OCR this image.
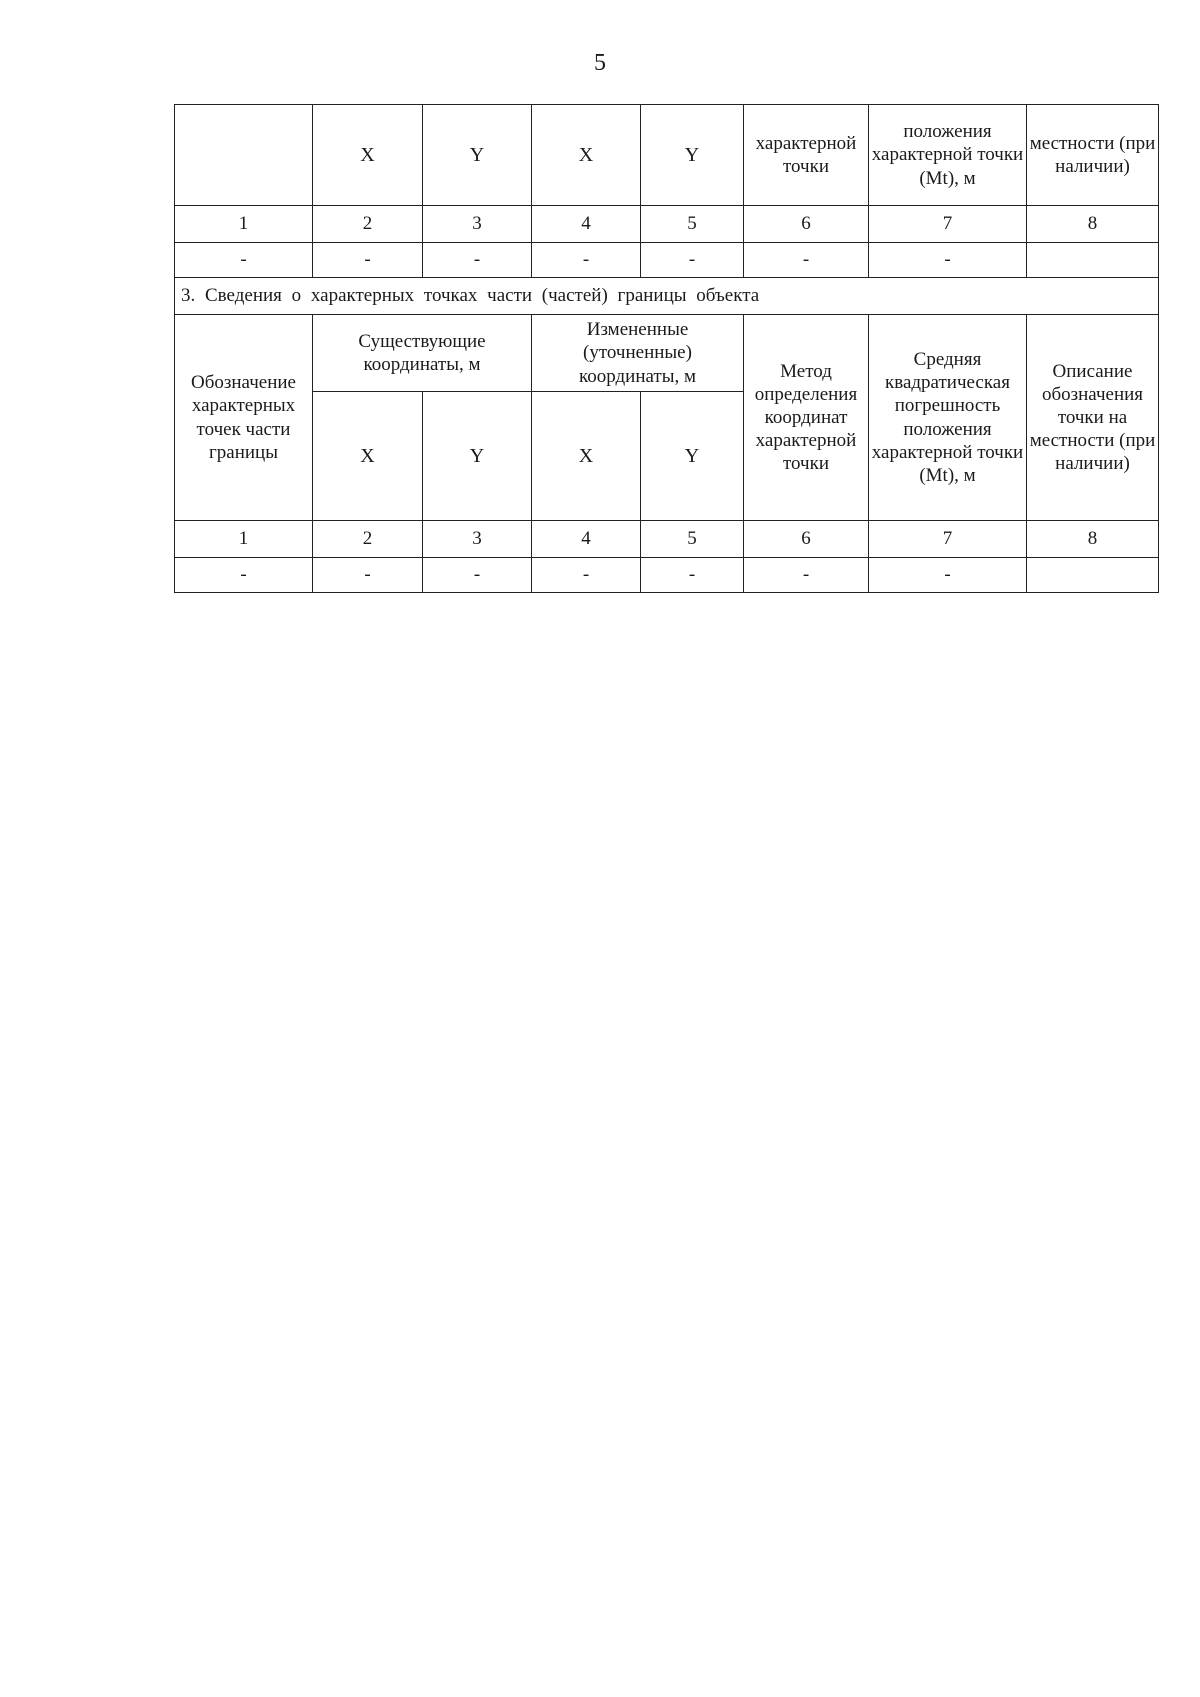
5
	X	Y	X	Y	характерной точки	положения характерной точки (Mt), м	местности (при наличии)
1	2	3	4	5	6	7	8
-	-	-	-	-	-	-	
3. Сведения о характерных точках части (частей) границы объекта							
Обозначение характерных точек части границы	Существующие координаты, м		Измененные (уточненные) координаты, м		Метод определения координат характерной точки	Средняя квадратическая погрешность положения характерной точки (Mt), м	Описание обозначения точки на местности (при наличии)
	X	Y	X	Y			
1	2	3	4	5	6	7	8
-	-	-	-	-	-	-	
